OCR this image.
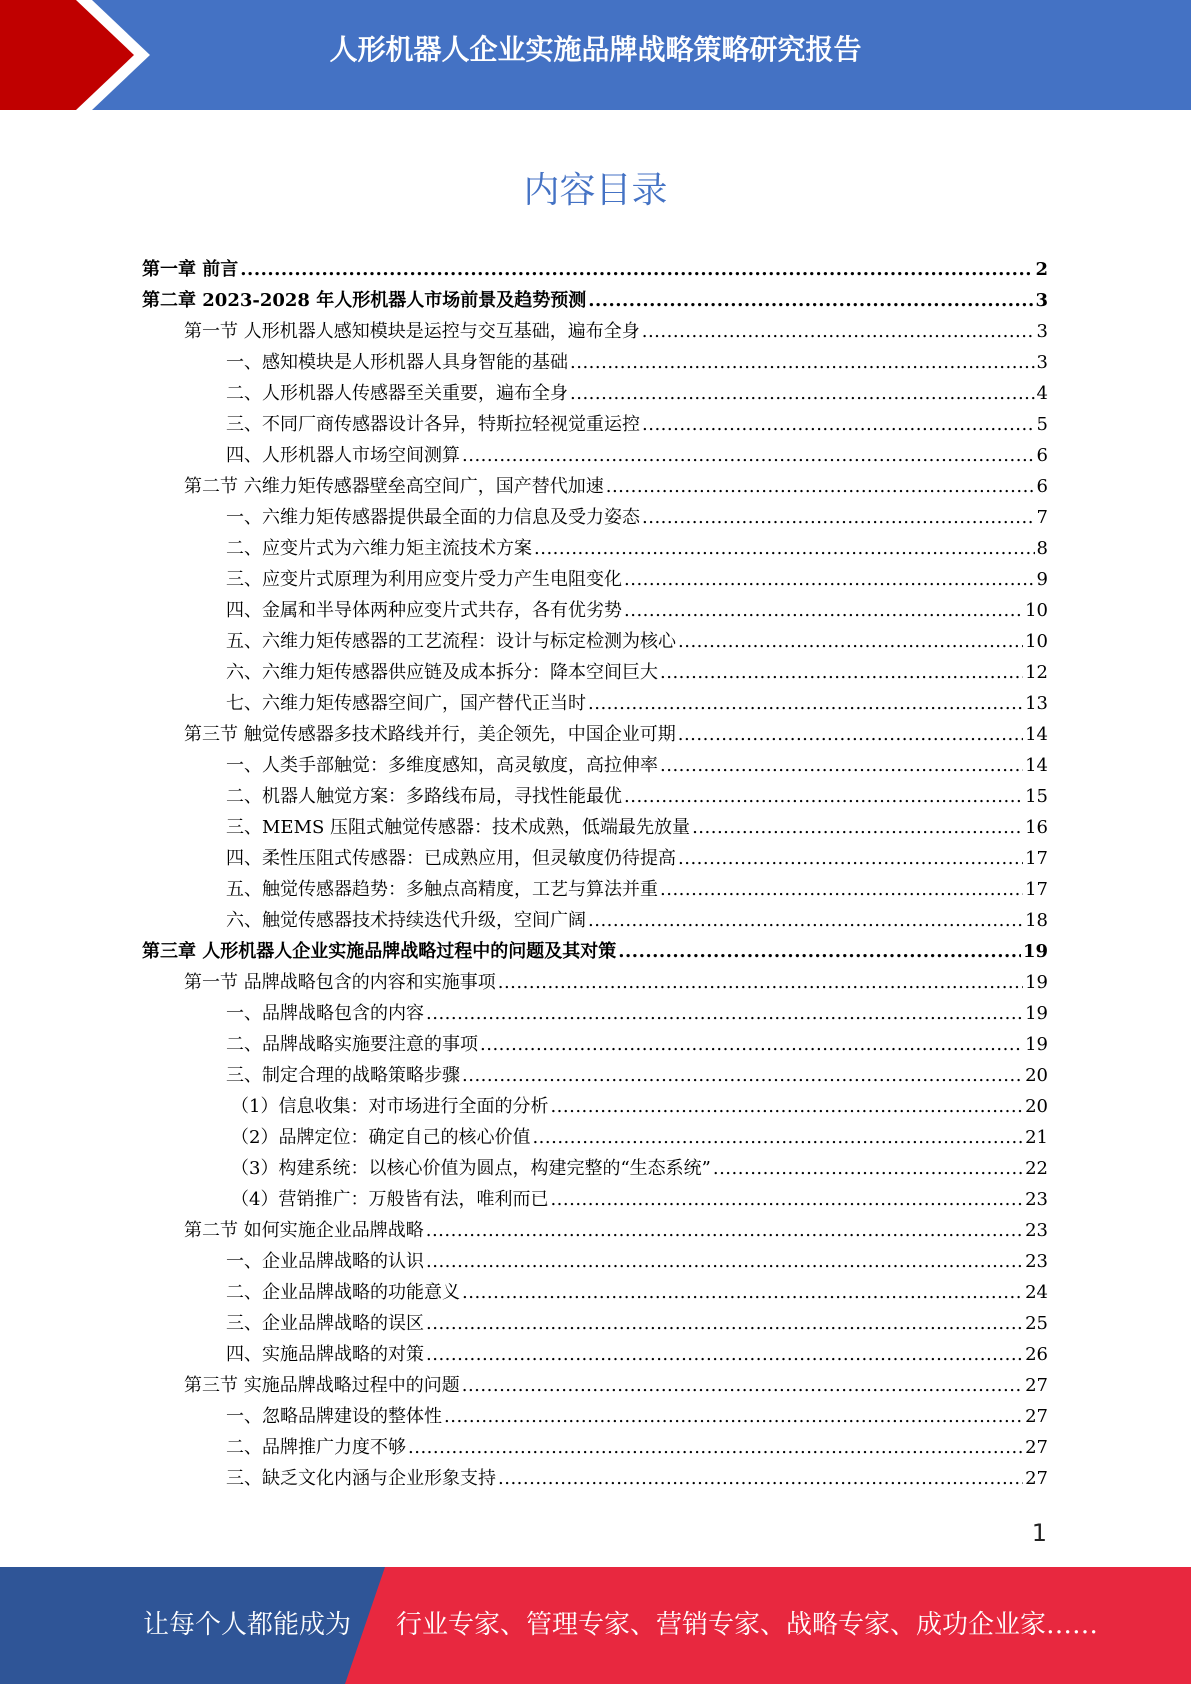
人形机器人企业实施品牌战略策略研究报告
内容目录
第一章 前言 .....	2
第二章 2023-2028 年人形机器人市场前景及趋势预测 .....	3
第一节 人形机器人感知模块是运控与交互基础，遍布全身 .....	3
一、感知模块是人形机器人具身智能的基础 .....	3
二、人形机器人传感器至关重要，遍布全身 .....	4
三、不同厂商传感器设计各异，特斯拉轻视觉重运控 .....	5
四、人形机器人市场空间测算 .....	6
第二节 六维力矩传感器壁垒高空间广，国产替代加速 .....	6
一、六维力矩传感器提供最全面的力信息及受力姿态 .....	7
二、应变片式为六维力矩主流技术方案 .....	8
三、应变片式原理为利用应变片受力产生电阻变化 .....	9
四、金属和半导体两种应变片式共存，各有优劣势 .....	10
五、六维力矩传感器的工艺流程：设计与标定检测为核心 .....	10
六、六维力矩传感器供应链及成本拆分：降本空间巨大 .....	12
七、六维力矩传感器空间广，国产替代正当时 .....	13
第三节 触觉传感器多技术路线并行，美企领先，中国企业可期 .....	14
一、人类手部触觉：多维度感知，高灵敏度，高拉伸率 .....	14
二、机器人触觉方案：多路线布局，寻找性能最优 .....	15
三、MEMS 压阻式触觉传感器：技术成熟，低端最先放量 .....	16
四、柔性压阻式传感器：已成熟应用，但灵敏度仍待提高 .....	17
五、触觉传感器趋势：多触点高精度，工艺与算法并重 .....	17
六、触觉传感器技术持续迭代升级，空间广阔 .....	18
第三章 人形机器人企业实施品牌战略过程中的问题及其对策 .....	19
第一节 品牌战略包含的内容和实施事项 .....	19
一、品牌战略包含的内容 .....	19
二、品牌战略实施要注意的事项 .....	19
三、制定合理的战略策略步骤 .....	20
（1）信息收集：对市场进行全面的分析 .....	20
（2）品牌定位：确定自己的核心价值 .....	21
（3）构建系统：以核心价值为圆点，构建完整的“生态系统” .....	22
（4）营销推广：万般皆有法，唯利而已 .....	23
第二节 如何实施企业品牌战略 .....	23
一、企业品牌战略的认识 .....	23
二、企业品牌战略的功能意义 .....	24
三、企业品牌战略的误区 .....	25
四、实施品牌战略的对策 .....	26
第三节 实施品牌战略过程中的问题 .....	27
一、忽略品牌建设的整体性 .....	27
二、品牌推广力度不够 .....	27
三、缺乏文化内涵与企业形象支持 .....	27
1
让每个人都能成为 行业专家、管理专家、营销专家、战略专家、成功企业家……
